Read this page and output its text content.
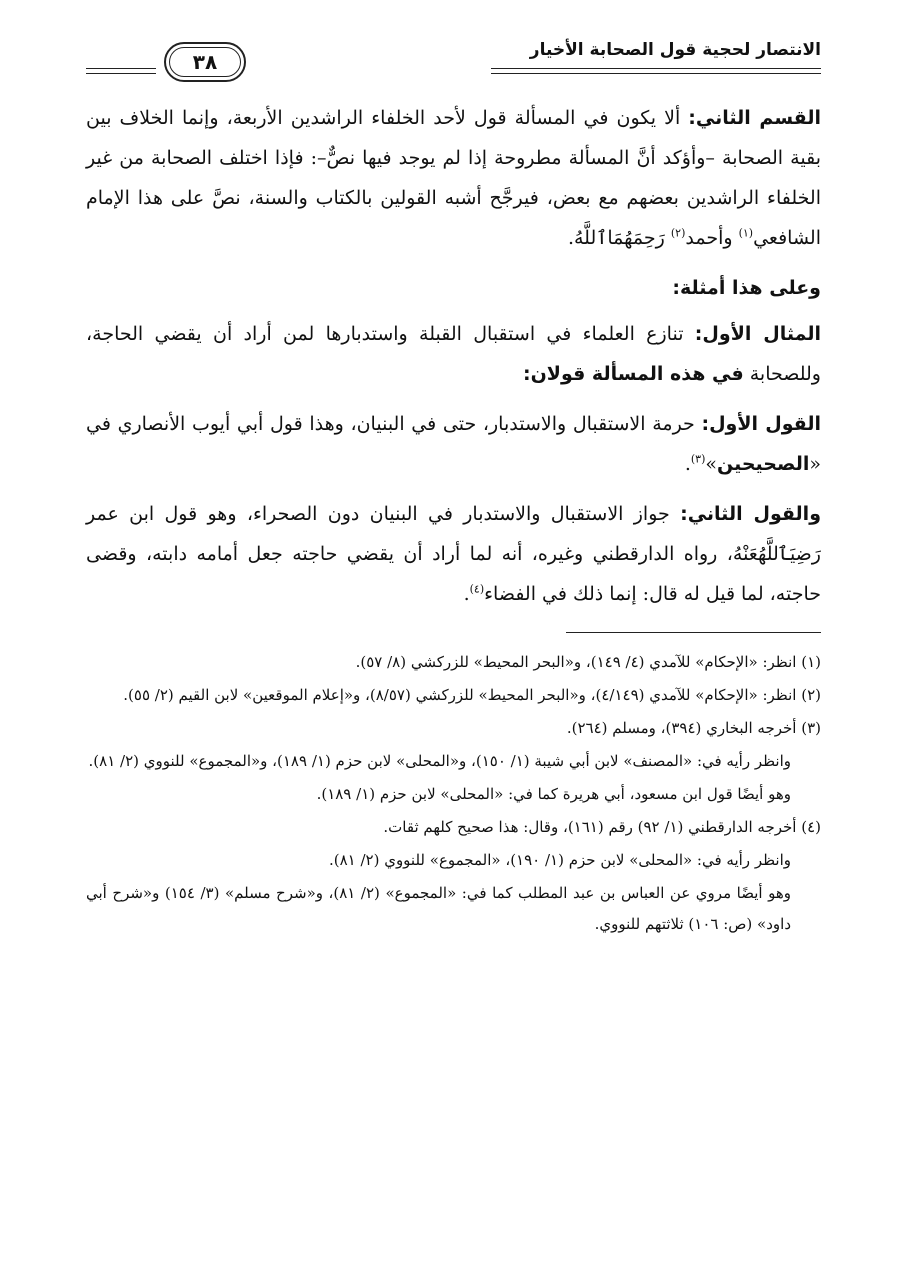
الانتصار لحجية قول الصحابة الأخيار
٣٨

القسم الثاني: ألا يكون في المسألة قول لأحد الخلفاء الراشدين الأربعة، وإنما الخلاف بين بقية الصحابة –وأؤكد أنَّ المسألة مطروحة إذا لم يوجد فيها نصٌّ–: فإذا اختلف الصحابة من غير الخلفاء الراشدين بعضهم مع بعض، فيرجَّح أشبه القولين بالكتاب والسنة، نصَّ على هذا الإمام الشافعي$^{(١)}$ وأحمد$^{(٢)}$ رَحِمَهُمَاٱللَّهُ.

وعلى هذا أمثلة:

المثال الأول: تنازع العلماء في استقبال القبلة واستدبارها لمن أراد أن يقضي الحاجة، وللصحابة في هذه المسألة قولان:

القول الأول: حرمة الاستقبال والاستدبار، حتى في البنيان، وهذا قول أبي أيوب الأنصاري في «الصحيحين»$^{(٣)}$.

والقول الثاني: جواز الاستقبال والاستدبار في البنيان دون الصحراء، وهو قول ابن عمر رَضِيَٱللَّهُعَنْهُ، رواه الدارقطني وغيره، أنه لما أراد أن يقضي حاجته جعل أمامه دابته، وقضى حاجته، لما قيل له قال: إنما ذلك في الفضاء$^{(٤)}$.

(١) انظر: «الإحكام» للآمدي (٤/ ١٤٩)، و«البحر المحيط» للزركشي (٨/ ٥٧).

(٢) انظر: «الإحكام» للآمدي (٤/١٤٩)، و«البحر المحيط» للزركشي (٨/٥٧)، و«إعلام الموقعين» لابن القيم (٢/ ٥٥).

(٣) أخرجه البخاري (٣٩٤)، ومسلم (٢٦٤).

وانظر رأيه في: «المصنف» لابن أبي شيبة (١/ ١٥٠)، و«المحلى» لابن حزم (١/ ١٨٩)، و«المجموع» للنووي (٢/ ٨١).

وهو أيضًا قول ابن مسعود، أبي هريرة كما في: «المحلى» لابن حزم (١/ ١٨٩).

(٤) أخرجه الدارقطني (١/ ٩٢) رقم (١٦١)، وقال: هذا صحيح كلهم ثقات.

وانظر رأيه في: «المحلى» لابن حزم (١/ ١٩٠)، «المجموع» للنووي (٢/ ٨١).

وهو أيضًا مروي عن العباس بن عبد المطلب كما في: «المجموع» (٢/ ٨١)، و«شرح مسلم» (٣/ ١٥٤) و«شرح أبي داود» (ص: ١٠٦) ثلاثتهم للنووي.
